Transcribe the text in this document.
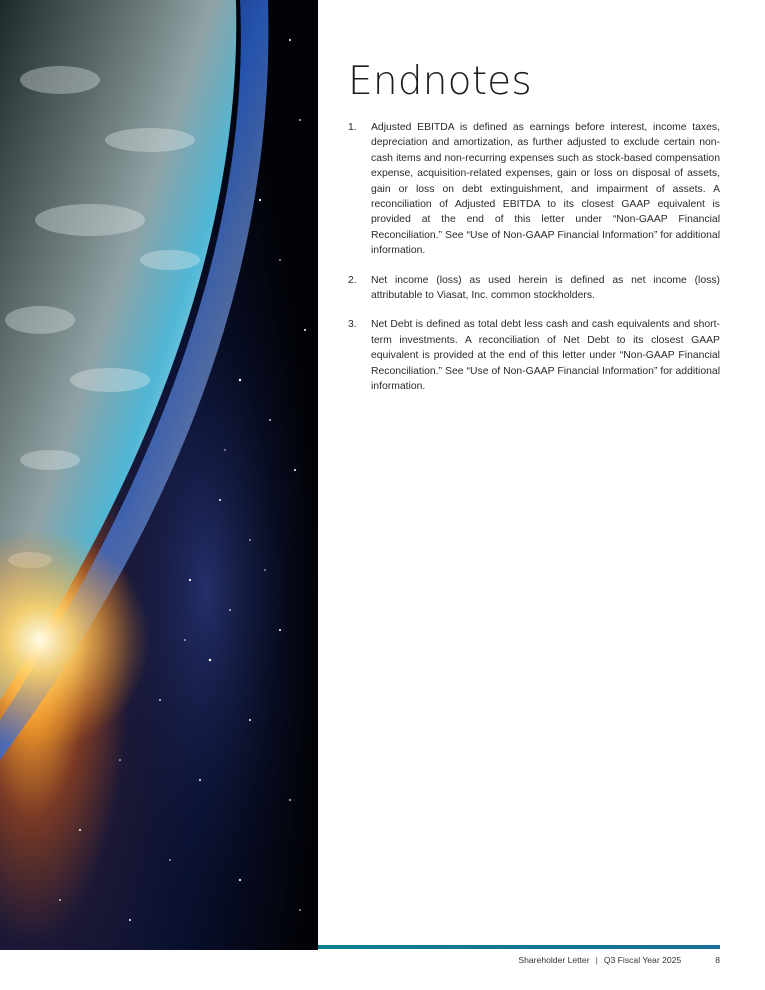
Endnotes
1. Adjusted EBITDA is defined as earnings before interest, income taxes, depreciation and amortization, as further adjusted to exclude certain non-cash items and non-recurring expenses such as stock-based compensation expense, acquisition-related expenses, gain or loss on disposal of assets, gain or loss on debt extinguishment, and impairment of assets. A reconciliation of Adjusted EBITDA to its closest GAAP equivalent is provided at the end of this letter under “Non-GAAP Financial Reconciliation.” See “Use of Non-GAAP Financial Information” for additional information.
2. Net income (loss) as used herein is defined as net income (loss) attributable to Viasat, Inc. common stockholders.
3. Net Debt is defined as total debt less cash and cash equivalents and short-term investments. A reconciliation of Net Debt to its closest GAAP equivalent is provided at the end of this letter under “Non-GAAP Financial Reconciliation.” See “Use of Non-GAAP Financial Information” for additional information.
Shareholder Letter | Q3 Fiscal Year 2025	8
